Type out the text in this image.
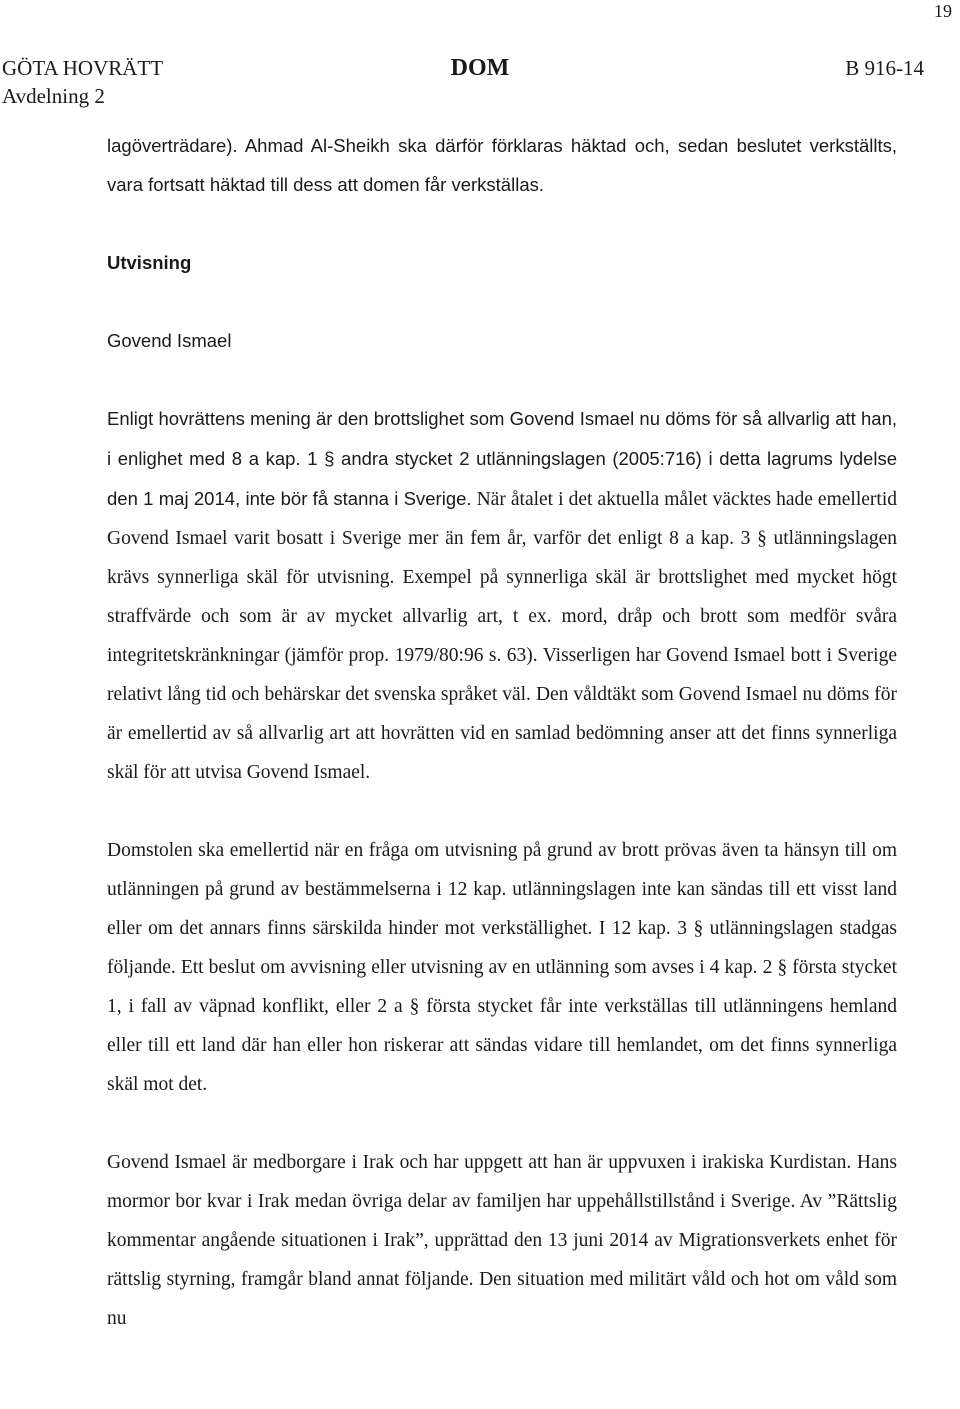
19
GÖTA HOVRÄTT
Avdelning 2
DOM	B 916-14

lagöverträdare). Ahmad Al-Sheikh ska därför förklaras häktad och, sedan beslutet verkställts, vara fortsatt häktad till dess att domen får verkställas.

Utvisning

Govend Ismael

Enligt hovrättens mening är den brottslighet som Govend Ismael nu döms för så allvarlig att han, i enlighet med 8 a kap. 1 § andra stycket 2 utlänningslagen (2005:716) i detta lagrums lydelse den 1 maj 2014, inte bör få stanna i Sverige. När åtalet i det aktuella målet väcktes hade emellertid Govend Ismael varit bosatt i Sverige mer än fem år, varför det enligt 8 a kap. 3 § utlänningslagen krävs synnerliga skäl för utvisning. Exempel på synnerliga skäl är brottslighet med mycket högt straffvärde och som är av mycket allvarlig art, t ex. mord, dråp och brott som medför svåra integritetskränkningar (jämför prop. 1979/80:96 s. 63). Visserligen har Govend Ismael bott i Sverige relativt lång tid och behärskar det svenska språket väl. Den våldtäkt som Govend Ismael nu döms för är emellertid av så allvarlig art att hovrätten vid en samlad bedömning anser att det finns synnerliga skäl för att utvisa Govend Ismael.

Domstolen ska emellertid när en fråga om utvisning på grund av brott prövas även ta hänsyn till om utlänningen på grund av bestämmelserna i 12 kap. utlänningslagen inte kan sändas till ett visst land eller om det annars finns särskilda hinder mot verkställighet. I 12 kap. 3 § utlänningslagen stadgas följande. Ett beslut om avvisning eller utvisning av en utlänning som avses i 4 kap. 2 § första stycket 1, i fall av väpnad konflikt, eller 2 a § första stycket får inte verkställas till utlänningens hemland eller till ett land där han eller hon riskerar att sändas vidare till hemlandet, om det finns synnerliga skäl mot det.

Govend Ismael är medborgare i Irak och har uppgett att han är uppvuxen i irakiska Kurdistan. Hans mormor bor kvar i Irak medan övriga delar av familjen har uppehållstillstånd i Sverige. Av ”Rättslig kommentar angående situationen i Irak”, upprättad den 13 juni 2014 av Migrationsverkets enhet för rättslig styrning, framgår bland annat följande. Den situation med militärt våld och hot om våld som nu
